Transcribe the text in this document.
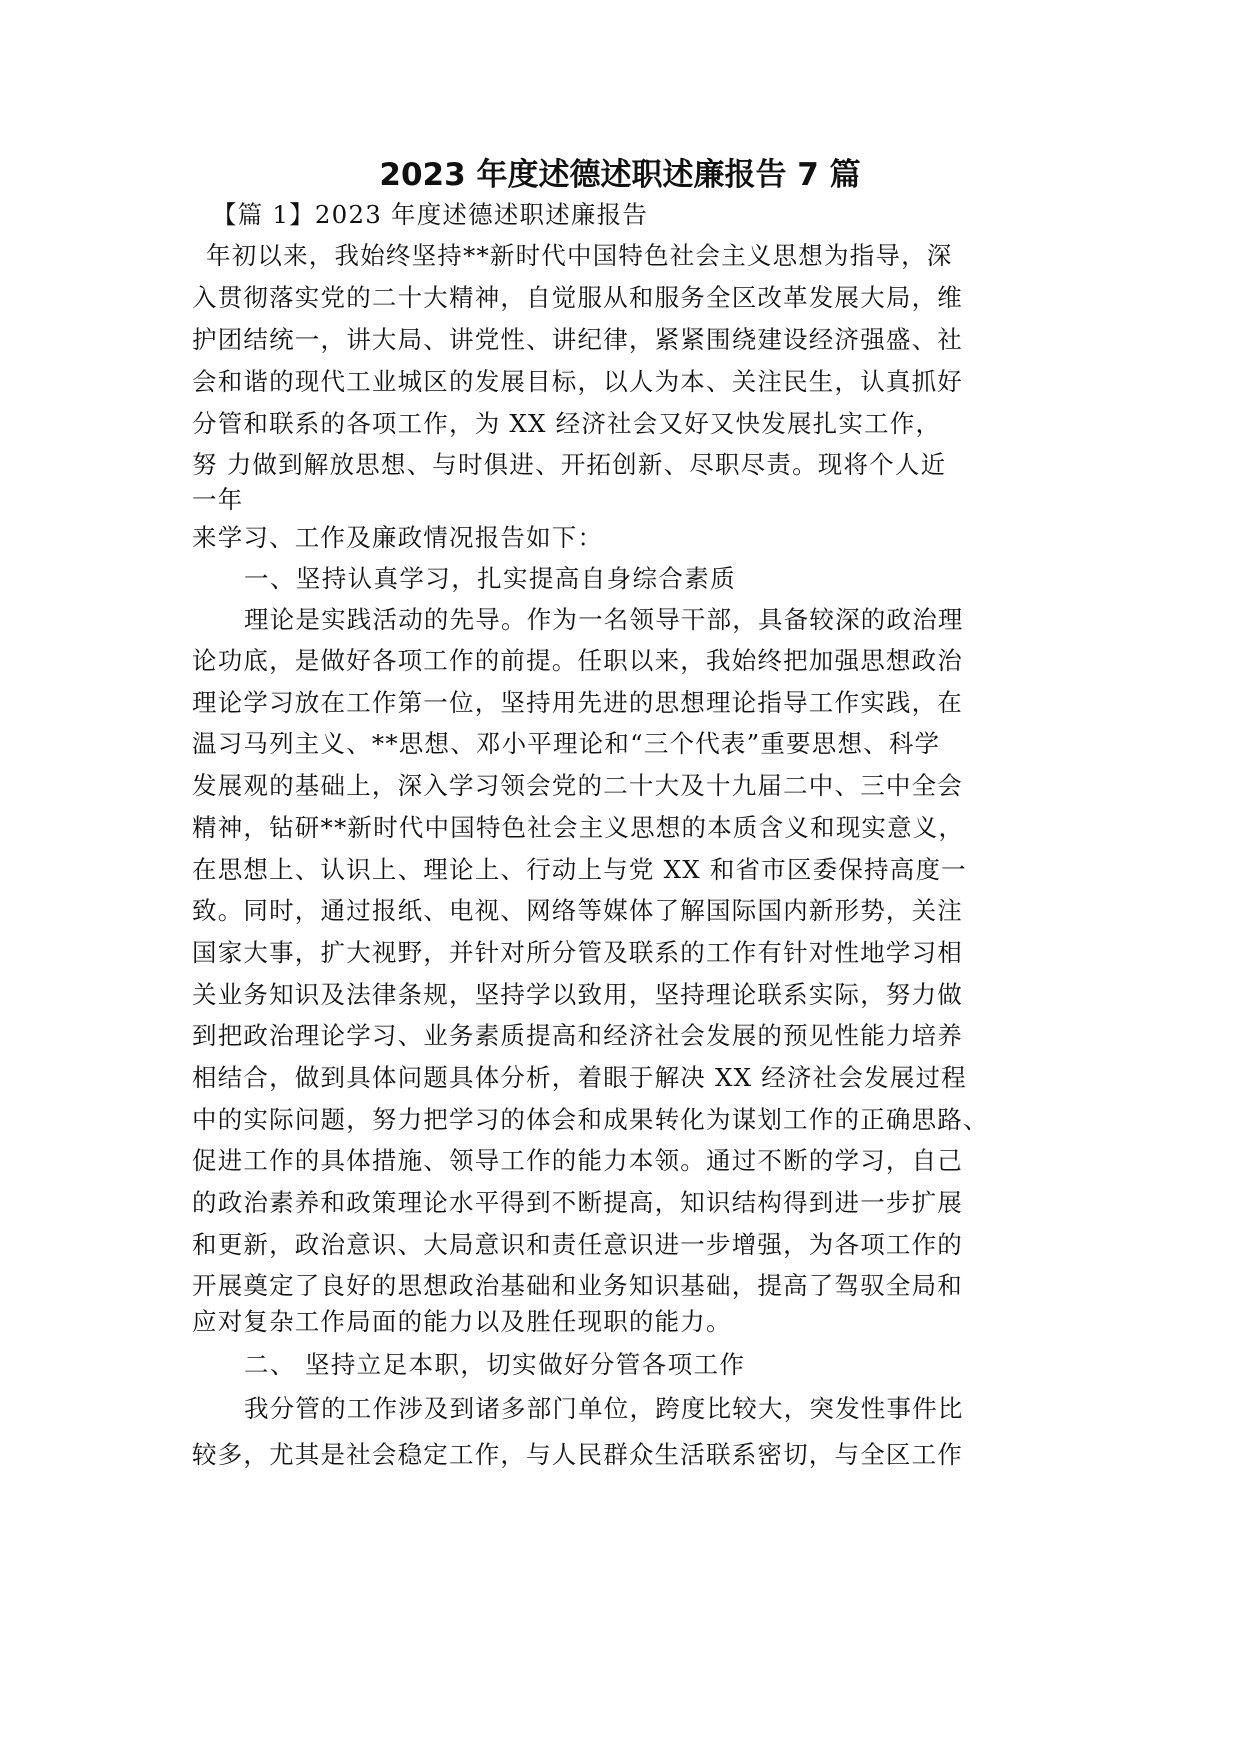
2023 年度述德述职述廉报告 7 篇

【篇 1】2023 年度述德述职述廉报告

年初以来，我始终坚持**新时代中国特色社会主义思想为指导，深

入贯彻落实党的二十大精神，自觉服从和服务全区改革发展大局，维

护团结统一，讲大局、讲党性、讲纪律，紧紧围绕建设经济强盛、社

会和谐的现代工业城区的发展目标，以人为本、关注民生，认真抓好

分管和联系的各项工作，为 XX 经济社会又好又快发展扎实工作，

努 力做到解放思想、与时俱进、开拓创新、尽职尽责。现将个人近

一年

来学习、工作及廉政情况报告如下：

一、坚持认真学习，扎实提高自身综合素质

理论是实践活动的先导。作为一名领导干部，具备较深的政治理

论功底，是做好各项工作的前提。任职以来，我始终把加强思想政治

理论学习放在工作第一位，坚持用先进的思想理论指导工作实践，在

温习马列主义、**思想、邓小平理论和“三个代表”重要思想、科学

发展观的基础上，深入学习领会党的二十大及十九届二中、三中全会

精神，钻研**新时代中国特色社会主义思想的本质含义和现实意义，

在思想上、认识上、理论上、行动上与党 XX 和省市区委保持高度一

致。同时，通过报纸、电视、网络等媒体了解国际国内新形势，关注

国家大事，扩大视野，并针对所分管及联系的工作有针对性地学习相

关业务知识及法律条规，坚持学以致用，坚持理论联系实际，努力做

到把政治理论学习、业务素质提高和经济社会发展的预见性能力培养

相结合，做到具体问题具体分析，着眼于解决 XX 经济社会发展过程

中的实际问题，努力把学习的体会和成果转化为谋划工作的正确思路、

促进工作的具体措施、领导工作的能力本领。通过不断的学习，自己

的政治素养和政策理论水平得到不断提高，知识结构得到进一步扩展

和更新，政治意识、大局意识和责任意识进一步增强，为各项工作的

开展奠定了良好的思想政治基础和业务知识基础，提高了驾驭全局和

应对复杂工作局面的能力以及胜任现职的能力。

二、 坚持立足本职，切实做好分管各项工作

我分管的工作涉及到诸多部门单位，跨度比较大，突发性事件比

较多，尤其是社会稳定工作，与人民群众生活联系密切，与全区工作
